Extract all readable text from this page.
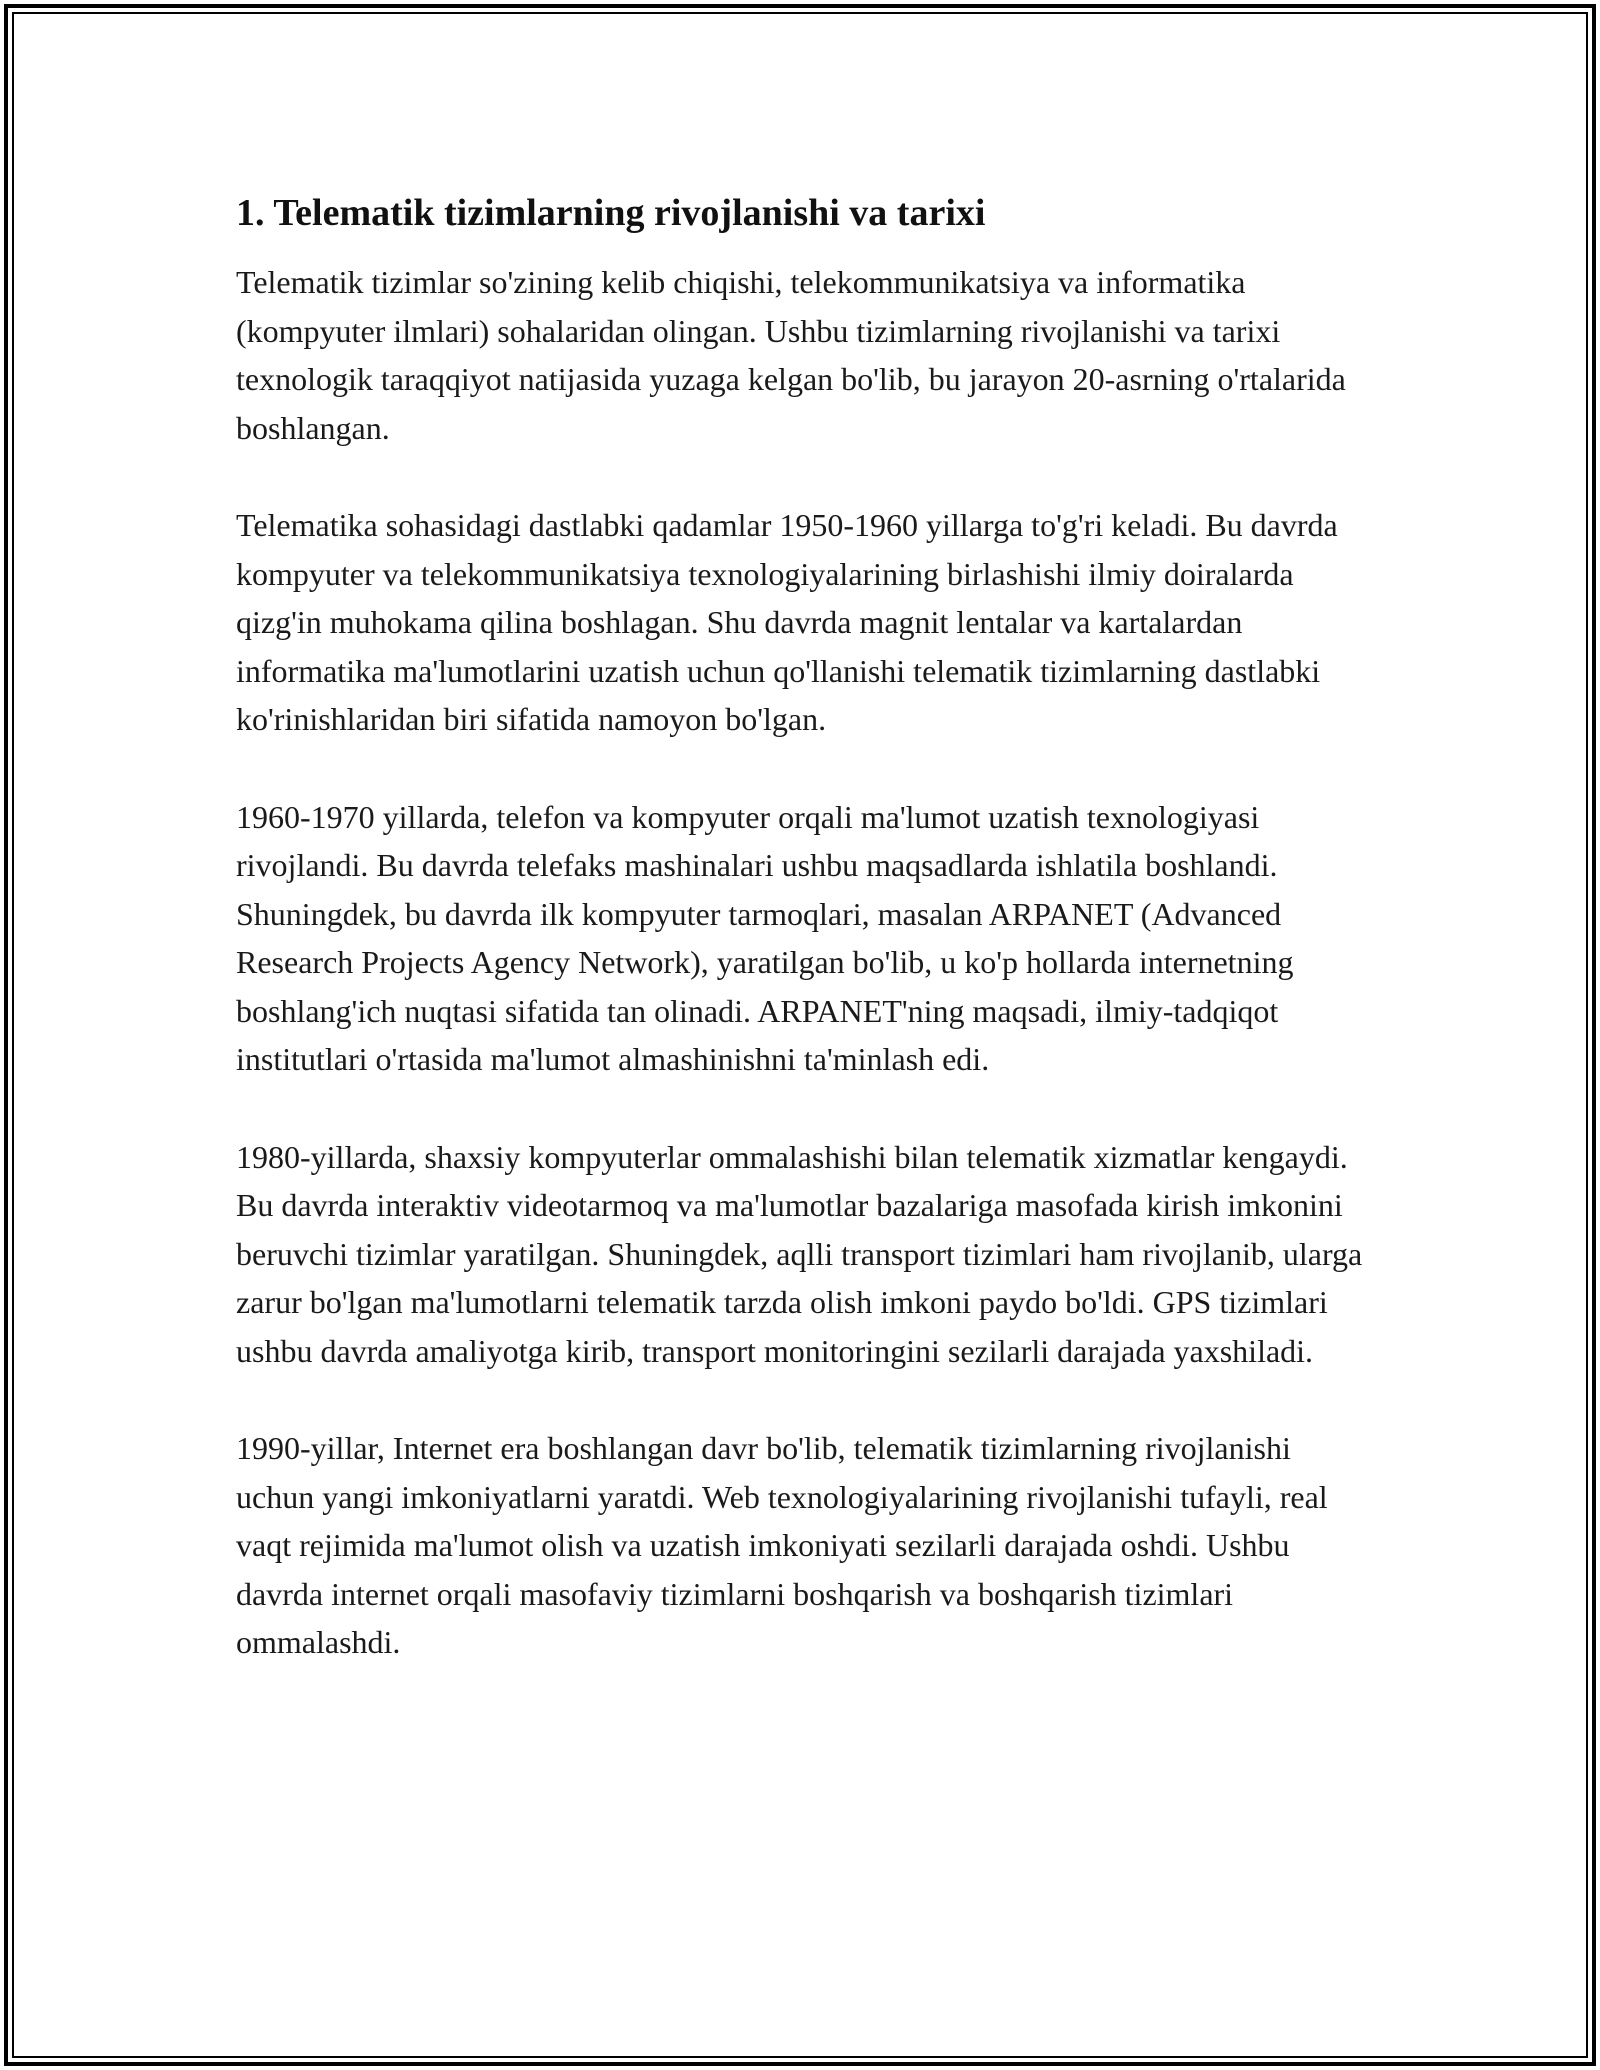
1. Telematik tizimlarning rivojlanishi va tarixi

Telematik tizimlar so'zining kelib chiqishi, telekommunikatsiya va informatika (kompyuter ilmlari) sohalaridan olingan. Ushbu tizimlarning rivojlanishi va tarixi texnologik taraqqiyot natijasida yuzaga kelgan bo'lib, bu jarayon 20-asrning o'rtalarida boshlangan.

Telematika sohasidagi dastlabki qadamlar 1950-1960 yillarga to'g'ri keladi. Bu davrda kompyuter va telekommunikatsiya texnologiyalarining birlashishi ilmiy doiralarda qizg'in muhokama qilina boshlagan. Shu davrda magnit lentalar va kartalardan informatika ma'lumotlarini uzatish uchun qo'llanishi telematik tizimlarning dastlabki ko'rinishlaridan biri sifatida namoyon bo'lgan.

1960-1970 yillarda, telefon va kompyuter orqali ma'lumot uzatish texnologiyasi rivojlandi. Bu davrda telefaks mashinalari ushbu maqsadlarda ishlatila boshlandi. Shuningdek, bu davrda ilk kompyuter tarmoqlari, masalan ARPANET (Advanced Research Projects Agency Network), yaratilgan bo'lib, u ko'p hollarda internetning boshlang'ich nuqtasi sifatida tan olinadi. ARPANET'ning maqsadi, ilmiy-tadqiqot institutlari o'rtasida ma'lumot almashinishni ta'minlash edi.

1980-yillarda, shaxsiy kompyuterlar ommalashishi bilan telematik xizmatlar kengaydi. Bu davrda interaktiv videotarmoq va ma'lumotlar bazalariga masofada kirish imkonini beruvchi tizimlar yaratilgan. Shuningdek, aqlli transport tizimlari ham rivojlanib, ularga zarur bo'lgan ma'lumotlarni telematik tarzda olish imkoni paydo bo'ldi. GPS tizimlari ushbu davrda amaliyotga kirib, transport monitoringini sezilarli darajada yaxshiladi.

1990-yillar, Internet era boshlangan davr bo'lib, telematik tizimlarning rivojlanishi uchun yangi imkoniyatlarni yaratdi. Web texnologiyalarining rivojlanishi tufayli, real vaqt rejimida ma'lumot olish va uzatish imkoniyati sezilarli darajada oshdi. Ushbu davrda internet orqali masofaviy tizimlarni boshqarish va boshqarish tizimlari ommalashdi.
